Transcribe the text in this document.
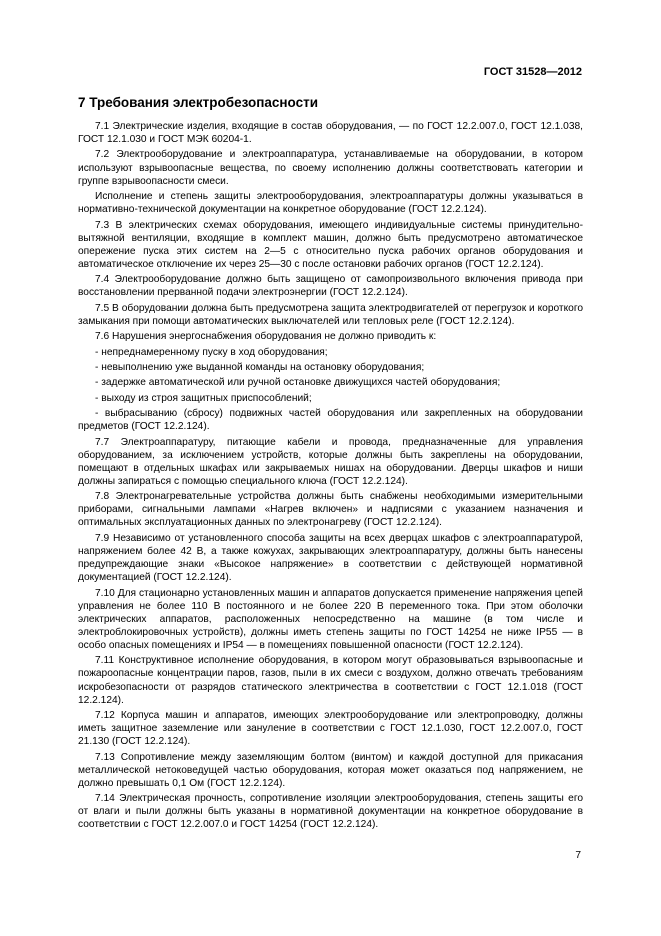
ГОСТ 31528—2012
7 Требования электробезопасности

7.1 Электрические изделия, входящие в состав оборудования, — по ГОСТ 12.2.007.0, ГОСТ 12.1.038, ГОСТ 12.1.030 и ГОСТ МЭК 60204-1.

7.2 Электрооборудование и электроаппаратура, устанавливаемые на оборудовании, в котором используют взрывоопасные вещества, по своему исполнению должны соответствовать категории и группе взрывоопасности смеси.

Исполнение и степень защиты электрооборудования, электроаппаратуры должны указываться в нормативно-технической документации на конкретное оборудование (ГОСТ 12.2.124).

7.3 В электрических схемах оборудования, имеющего индивидуальные системы принудительно-вытяжной вентиляции, входящие в комплект машин, должно быть предусмотрено автоматическое опережение пуска этих систем на 2—5 с относительно пуска рабочих органов оборудования и автоматическое отключение их через 25—30 с после остановки рабочих органов (ГОСТ 12.2.124).

7.4 Электрооборудование должно быть защищено от самопроизвольного включения привода при восстановлении прерванной подачи электроэнергии (ГОСТ 12.2.124).

7.5 В оборудовании должна быть предусмотрена защита электродвигателей от перегрузок и короткого замыкания при помощи автоматических выключателей или тепловых реле (ГОСТ 12.2.124).

7.6 Нарушения энергоснабжения оборудования не должно приводить к:

- непреднамеренному пуску в ход оборудования;

- невыполнению уже выданной команды на остановку оборудования;

- задержке автоматической или ручной остановке движущихся частей оборудования;

- выходу из строя защитных приспособлений;

- выбрасыванию (сбросу) подвижных частей оборудования или закрепленных на оборудовании предметов (ГОСТ 12.2.124).

7.7 Электроаппаратуру, питающие кабели и провода, предназначенные для управления оборудованием, за исключением устройств, которые должны быть закреплены на оборудовании, помещают в отдельных шкафах или закрываемых нишах на оборудовании. Дверцы шкафов и ниши должны запираться с помощью специального ключа (ГОСТ 12.2.124).

7.8 Электронагревательные устройства должны быть снабжены необходимыми измерительными приборами, сигнальными лампами «Нагрев включен» и надписями с указанием назначения и оптимальных эксплуатационных данных по электронагреву (ГОСТ 12.2.124).

7.9 Независимо от установленного способа защиты на всех дверцах шкафов с электроаппаратурой, напряжением более 42 В, а также кожухах, закрывающих электроаппаратуру, должны быть нанесены предупреждающие знаки «Высокое напряжение» в соответствии с действующей нормативной документацией (ГОСТ 12.2.124).

7.10 Для стационарно установленных машин и аппаратов допускается применение напряжения цепей управления не более 110 В постоянного и не более 220 В переменного тока. При этом оболочки электрических аппаратов, расположенных непосредственно на машине (в том числе и электроблокировочных устройств), должны иметь степень защиты по ГОСТ 14254 не ниже IP55 — в особо опасных помещениях и IP54 — в помещениях повышенной опасности (ГОСТ 12.2.124).

7.11 Конструктивное исполнение оборудования, в котором могут образовываться взрывоопасные и пожароопасные концентрации паров, газов, пыли в их смеси с воздухом, должно отвечать требованиям искробезопасности от разрядов статического электричества в соответствии с ГОСТ 12.1.018 (ГОСТ 12.2.124).

7.12 Корпуса машин и аппаратов, имеющих электрооборудование или электропроводку, должны иметь защитное заземление или зануление в соответствии с ГОСТ 12.1.030, ГОСТ 12.2.007.0, ГОСТ 21.130 (ГОСТ 12.2.124).

7.13 Сопротивление между заземляющим болтом (винтом) и каждой доступной для прикасания металлической нетоковедущей частью оборудования, которая может оказаться под напряжением, не должно превышать 0,1 Ом (ГОСТ 12.2.124).

7.14 Электрическая прочность, сопротивление изоляции электрооборудования, степень защиты его от влаги и пыли должны быть указаны в нормативной документации на конкретное оборудование в соответствии с ГОСТ 12.2.007.0 и ГОСТ 14254 (ГОСТ 12.2.124).

7
